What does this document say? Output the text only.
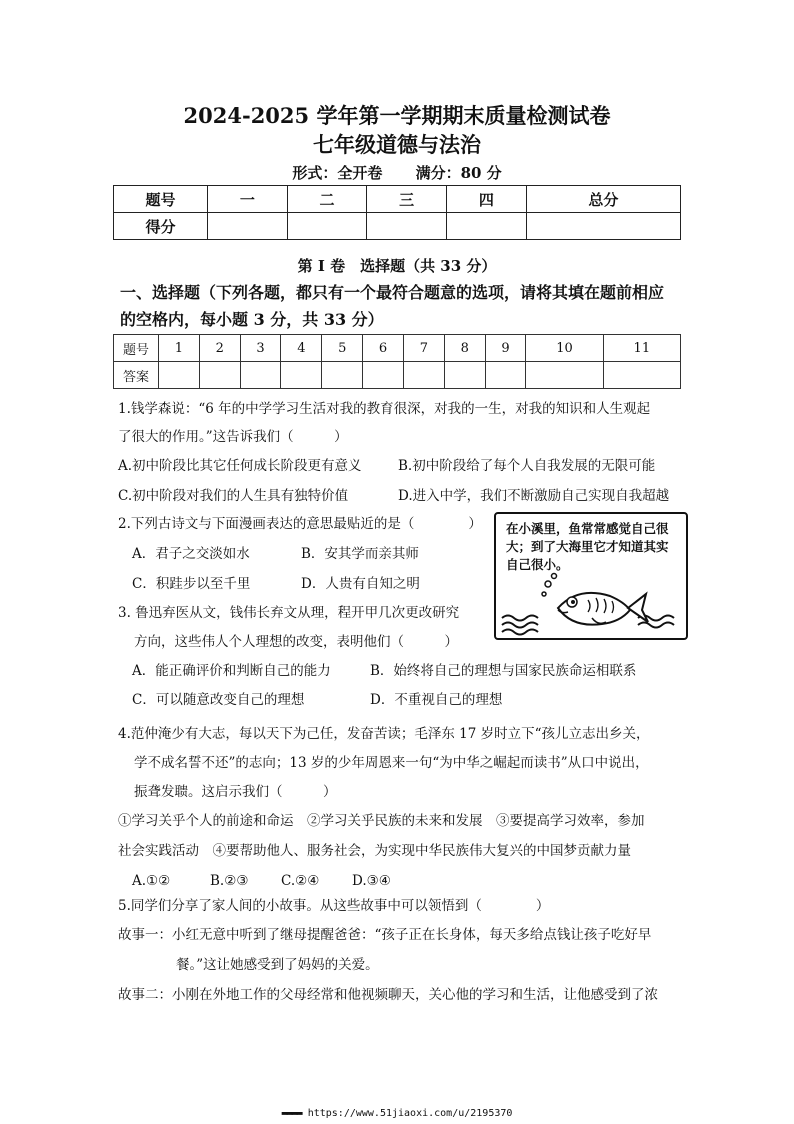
2024-2025 学年第一学期期末质量检测试卷
七年级道德与法治
形式：全开卷 满分：80 分
题号	一	二	三	四	总分
得分					
第 I 卷　选择题（共 33 分）
一、选择题（下列各题，都只有一个最符合题意的选项，请将其填在题前相应
的空格内，每小题 3 分，共 33 分）
题号	1	2	3	4	5	6	7	8	9	10	11
答案											
1.钱学森说：“6 年的中学学习生活对我的教育很深，对我的一生，对我的知识和人生观起
了很大的作用。”这告诉我们（　　　）
A.初中阶段比其它任何成长阶段更有意义	B.初中阶段给了每个人自我发展的无限可能
C.初中阶段对我们的人生具有独特价值	D.进入中学，我们不断激励自己实现自我超越
2.下列古诗文与下面漫画表达的意思最贴近的是（　　　　）
A．君子之交淡如水	B．安其学而亲其师
C．积跬步以至千里	D．人贵有自知之明
在小溪里，鱼常常感觉自己很大；到了大海里它才知道其实自己很小。
3. 鲁迅弃医从文，钱伟长弃文从理，程开甲几次更改研究
方向，这些伟人个人理想的改变，表明他们（　　　）
A．能正确评价和判断自己的能力	B．始终将自己的理想与国家民族命运相联系
C．可以随意改变自己的理想	D．不重视自己的理想
4.范仲淹少有大志，每以天下为己任，发奋苦读；毛泽东 17 岁时立下“孩儿立志出乡关，
学不成名誓不还”的志向；13 岁的少年周恩来一句“为中华之崛起而读书”从口中说出，
振聋发聩。这启示我们（　　　）
①学习关乎个人的前途和命运　②学习关乎民族的未来和发展　③要提高学习效率，参加
社会实践活动　④要帮助他人、服务社会，为实现中华民族伟大复兴的中国梦贡献力量
A.①②	B.②③ C.②④ D.③④
5.同学们分享了家人间的小故事。从这些故事中可以领悟到（　　　　）
故事一：小红无意中听到了继母提醒爸爸：“孩子正在长身体，每天多给点钱让孩子吃好早
餐。”这让她感受到了妈妈的关爱。
故事二：小刚在外地工作的父母经常和他视频聊天，关心他的学习和生活，让他感受到了浓
▬▬▬▬ https://www.51jiaoxi.com/u/2195370
